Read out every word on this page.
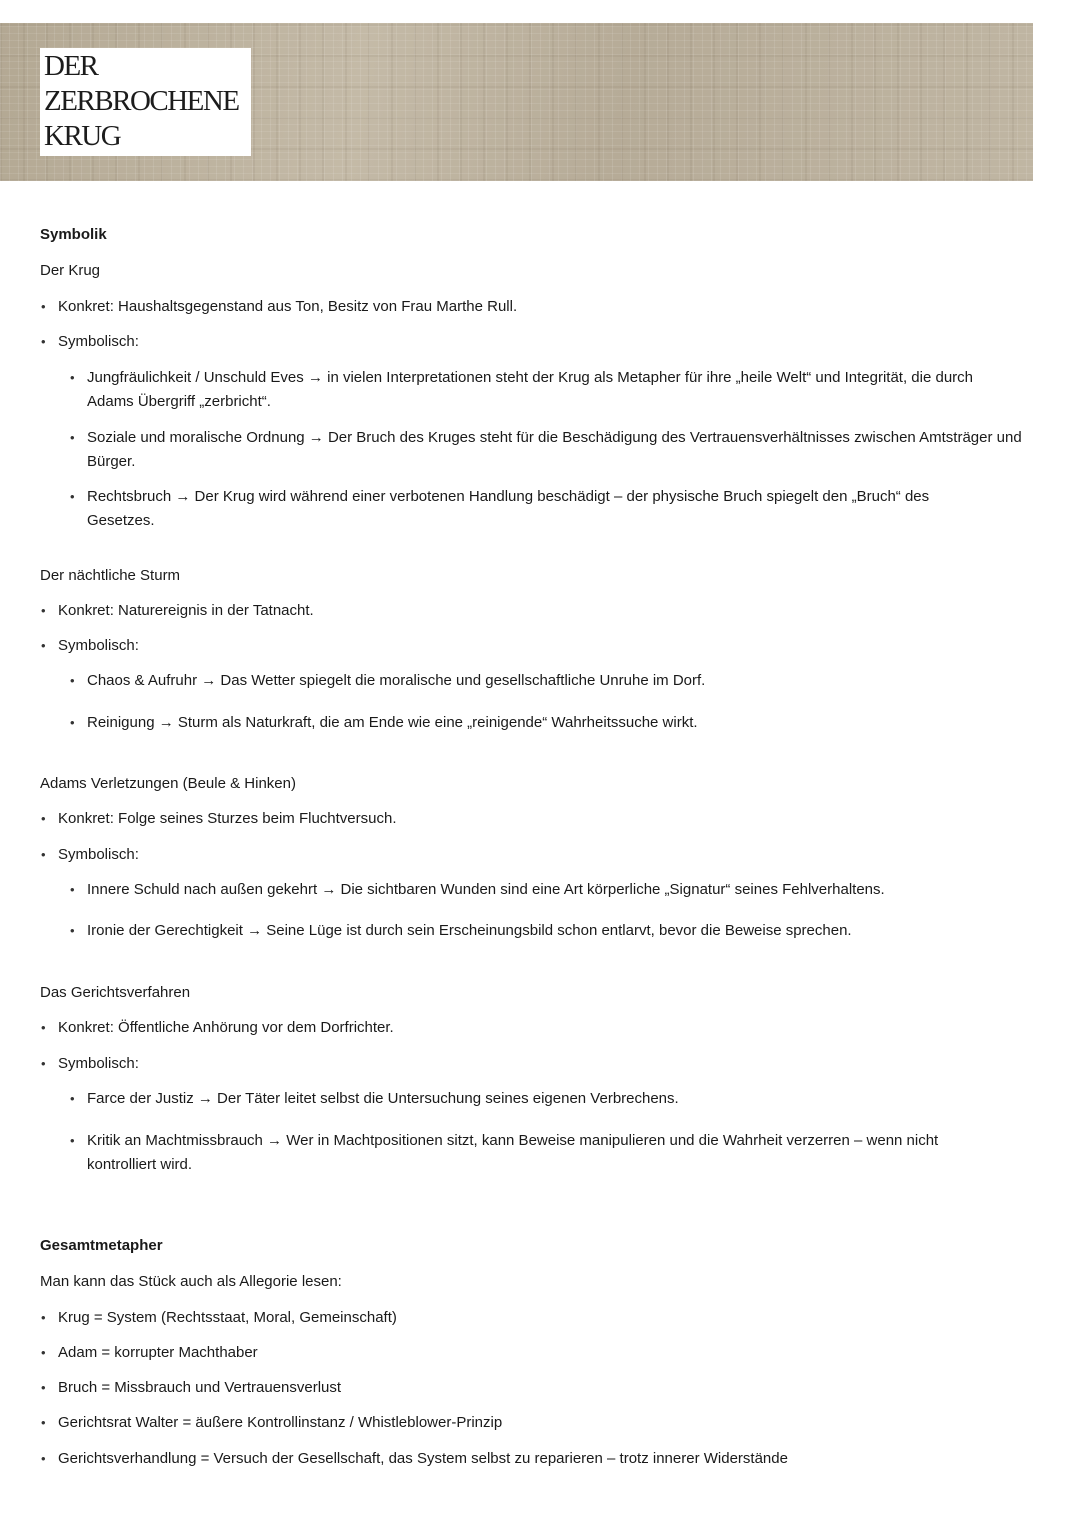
DER
ZERBROCHENE
KRUG
Symbolik
Der Krug
• Konkret: Haushaltsgegenstand aus Ton, Besitz von Frau Marthe Rull.
• Symbolisch:
• Jungfräulichkeit / Unschuld Eves → in vielen Interpretationen steht der Krug als Metapher für ihre „heile Welt“ und Integrität, die durch Adams Übergriff „zerbricht“.
• Soziale und moralische Ordnung → Der Bruch des Kruges steht für die Beschädigung des Vertrauensverhältnisses zwischen Amtsträger und Bürger.
• Rechtsbruch → Der Krug wird während einer verbotenen Handlung beschädigt – der physische Bruch spiegelt den „Bruch“ des Gesetzes.
Der nächtliche Sturm
• Konkret: Naturereignis in der Tatnacht.
• Symbolisch:
• Chaos & Aufruhr → Das Wetter spiegelt die moralische und gesellschaftliche Unruhe im Dorf.
• Reinigung → Sturm als Naturkraft, die am Ende wie eine „reinigende“ Wahrheitssuche wirkt.
Adams Verletzungen (Beule & Hinken)
• Konkret: Folge seines Sturzes beim Fluchtversuch.
• Symbolisch:
• Innere Schuld nach außen gekehrt → Die sichtbaren Wunden sind eine Art körperliche „Signatur“ seines Fehlverhaltens.
• Ironie der Gerechtigkeit → Seine Lüge ist durch sein Erscheinungsbild schon entlarvt, bevor die Beweise sprechen.
Das Gerichtsverfahren
• Konkret: Öffentliche Anhörung vor dem Dorfrichter.
• Symbolisch:
• Farce der Justiz → Der Täter leitet selbst die Untersuchung seines eigenen Verbrechens.
• Kritik an Machtmissbrauch → Wer in Machtpositionen sitzt, kann Beweise manipulieren und die Wahrheit verzerren – wenn nicht kontrolliert wird.
Gesamtmetapher
Man kann das Stück auch als Allegorie lesen:
• Krug = System (Rechtsstaat, Moral, Gemeinschaft)
• Adam = korrupter Machthaber
• Bruch = Missbrauch und Vertrauensverlust
• Gerichtsrat Walter = äußere Kontrollinstanz / Whistleblower-Prinzip
• Gerichtsverhandlung = Versuch der Gesellschaft, das System selbst zu reparieren – trotz innerer Widerstände
